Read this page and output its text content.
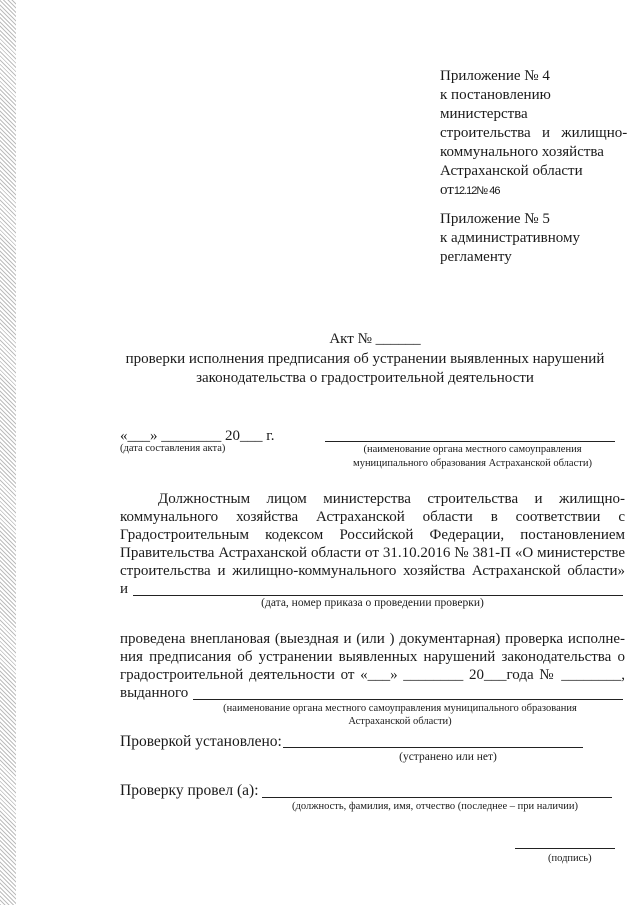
Приложение № 4
к постановлению
министерства
строительства   и   жилищно-
коммунального хозяйства
Астраханской области
от12.12№ 46
Приложение № 5
к административному
регламенту
Акт № ______
проверки исполнения предписания об устранении выявленных нарушений
законодательства о градостроительной деятельности
«___» ________ 20___ г.
(дата составления акта)	(наименование органа местного самоуправления
муниципального образования Астраханской области)
Должностным лицом министерства строительства и жилищно-
коммунального хозяйства Астраханской области в соответствии с
Градостроительным кодексом Российской Федерации, постановлением
Правительства Астраханской области от 31.10.2016 № 381-П «О министерстве
строительства и жилищно-коммунального хозяйства Астраханской области»
и
(дата, номер приказа о проведении проверки)
проведена внеплановая (выездная и (или ) документарная) проверка исполне-
ния предписания об устранении выявленных нарушений законодательства о
градостроительной деятельности от «___» ________ 20___года № ________,
выданного
(наименование органа местного самоуправления муниципального образования
Астраханской области)
Проверкой установлено:
(устранено или нет)
Проверку провел (а):
(должность, фамилия, имя, отчество (последнее – при наличии)
(подпись)
